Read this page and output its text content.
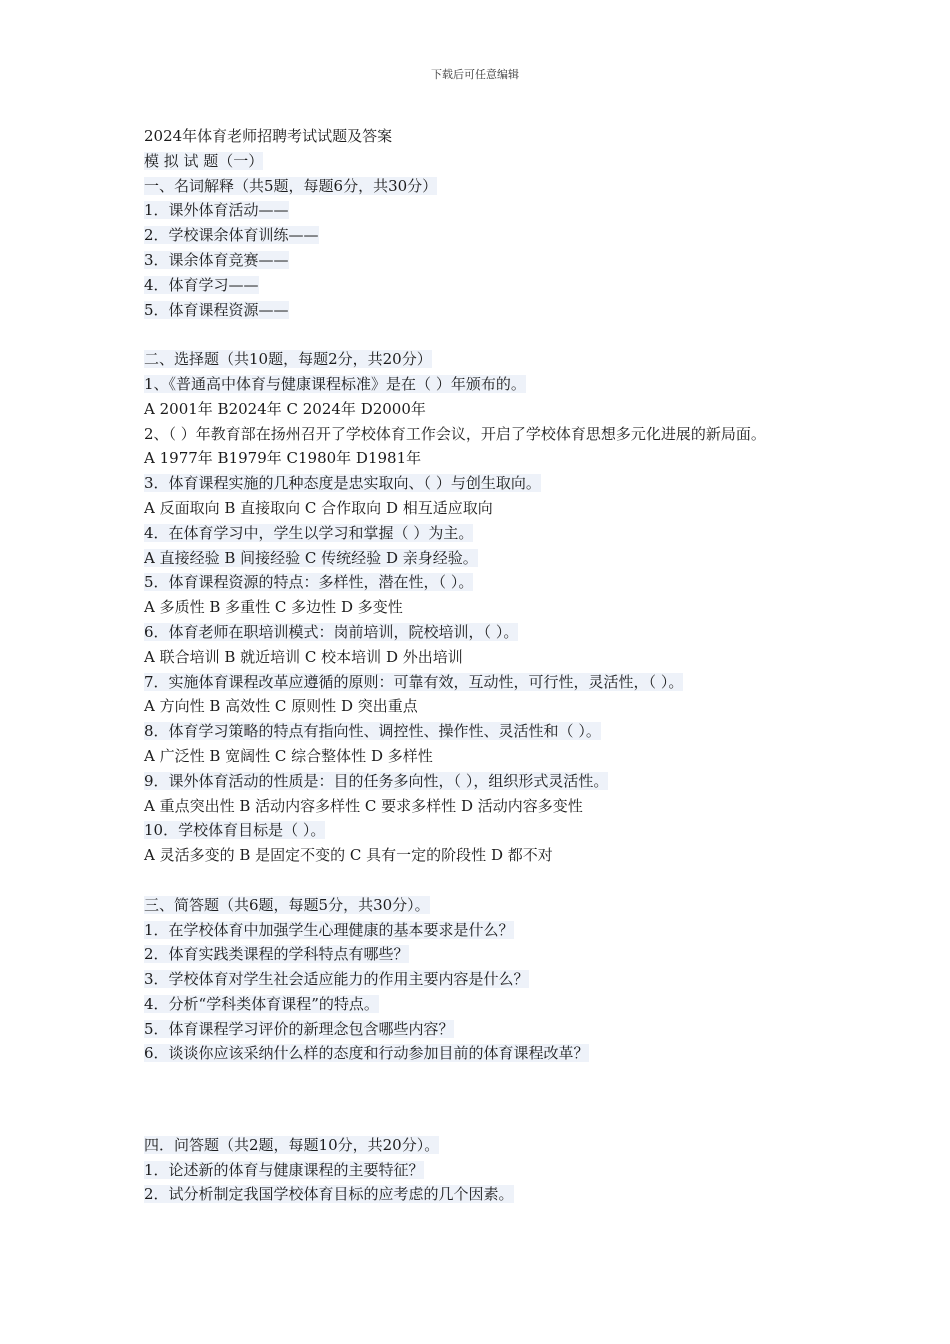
下载后可任意编辑
2024年体育老师招聘考试试题及答案
模 拟 试 题（一）
一、名词解释（共5题，每题6分，共30分）
1．课外体育活动——
2．学校课余体育训练——
3．课余体育竞赛——
4．体育学习——
5．体育课程资源——
二、选择题（共10题，每题2分，共20分）
1、《普通高中体育与健康课程标准》是在（ ）年颁布的。
A 2001年 B2024年 C 2024年 D2000年
2、（ ）年教育部在扬州召开了学校体育工作会议，开启了学校体育思想多元化进展的新局面。
A 1977年 B1979年 C1980年 D1981年
3．体育课程实施的几种态度是忠实取向、（ ）与创生取向。
A 反面取向 B 直接取向 C 合作取向 D 相互适应取向
4．在体育学习中，学生以学习和掌握（ ）为主。
A 直接经验 B 间接经验 C 传统经验 D 亲身经验。
5．体育课程资源的特点：多样性，潜在性，（ ）。
A 多质性 B 多重性 C 多边性 D 多变性
6．体育老师在职培训模式：岗前培训，院校培训，（ ）。
A 联合培训 B 就近培训 C 校本培训 D 外出培训
7．实施体育课程改革应遵循的原则：可靠有效，互动性，可行性，灵活性，（ ）。
A 方向性 B 高效性 C 原则性 D 突出重点
8．体育学习策略的特点有指向性、调控性、操作性、灵活性和（ ）。
A 广泛性 B 宽阔性 C 综合整体性 D 多样性
9．课外体育活动的性质是：目的任务多向性，（ ），组织形式灵活性。
A 重点突出性 B 活动内容多样性 C 要求多样性 D 活动内容多变性
10．学校体育目标是（ ）。
A 灵活多变的 B 是固定不变的 C 具有一定的阶段性 D 都不对
三、简答题（共6题，每题5分，共30分）。
1．在学校体育中加强学生心理健康的基本要求是什么？
2．体育实践类课程的学科特点有哪些？
3．学校体育对学生社会适应能力的作用主要内容是什么？
4．分析“学科类体育课程”的特点。
5．体育课程学习评价的新理念包含哪些内容？
6．谈谈你应该采纳什么样的态度和行动参加目前的体育课程改革？
四．问答题（共2题，每题10分，共20分）。
1．论述新的体育与健康课程的主要特征？
2．试分析制定我国学校体育目标的应考虑的几个因素。
